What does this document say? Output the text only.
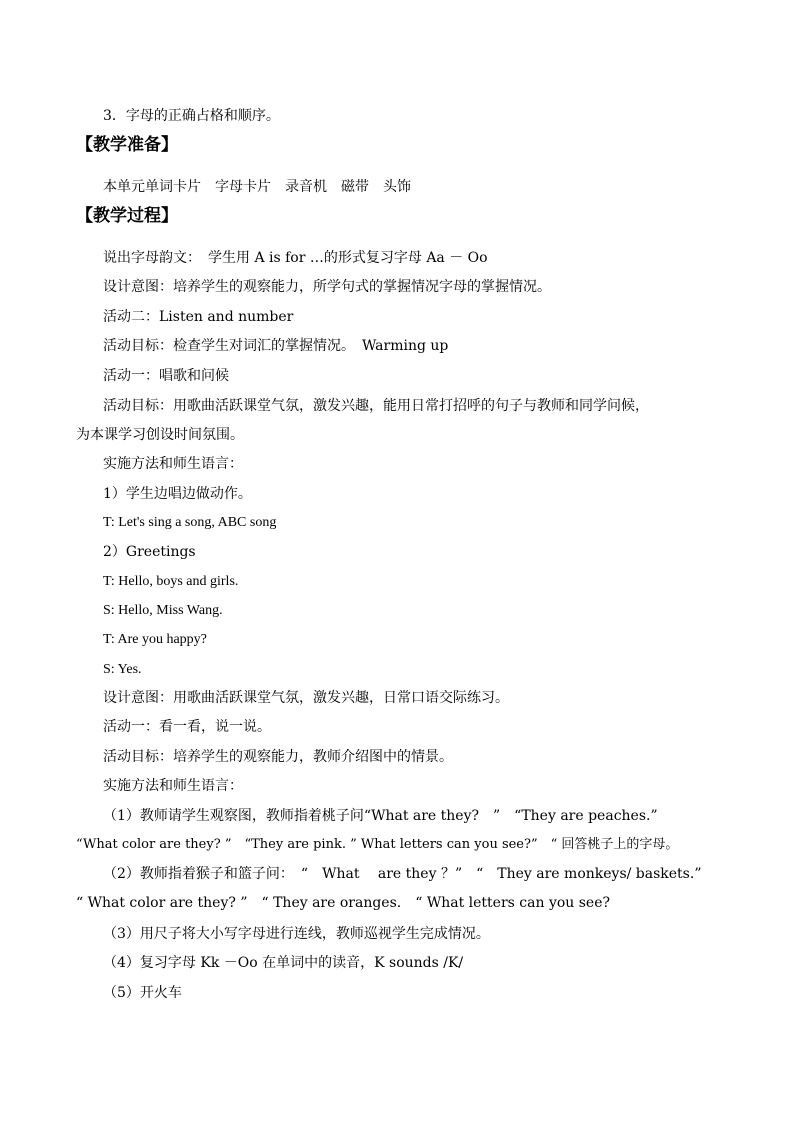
3．字母的正确占格和顺序。
【教学准备】
本单元单词卡片　字母卡片　录音机　磁带　头饰
【教学过程】
说出字母韵文：　学生用 A is for …的形式复习字母 Aa － Oo
设计意图：培养学生的观察能力，所学句式的掌握情况字母的掌握情况。
活动二：Listen and number
活动目标：检查学生对词汇的掌握情况。　Warming up
活动一：唱歌和问候
活动目标：用歌曲活跃课堂气氛，激发兴趣，能用日常打招呼的句子与教师和同学问候，
为本课学习创设时间氛围。
实施方法和师生语言：
1）学生边唱边做动作。
T: Let's sing a song, ABC song
2）Greetings
T: Hello, boys and girls.
S: Hello, Miss Wang.
T: Are you happy?
S: Yes.
设计意图：用歌曲活跃课堂气氛，激发兴趣，日常口语交际练习。
活动一：看一看，说一说。
活动目标：培养学生的观察能力，教师介绍图中的情景。
实施方法和师生语言：
（1）教师请学生观察图，教师指着桃子问“What are they?　”　“They are peaches.”
“What color are they? ”　“They are pink. ” What letters can you see?”　“ 回答桃子上的字母。
（2）教师指着猴子和篮子问：　“　What　 are they ？”　“　They are monkeys/ baskets.”
“ What color are they? ”　“ They are oranges.　“ What letters can you see?
（3）用尺子将大小写字母进行连线，教师巡视学生完成情况。
（4）复习字母 Kk －Oo 在单词中的读音，K sounds /K/
（5）开火车
